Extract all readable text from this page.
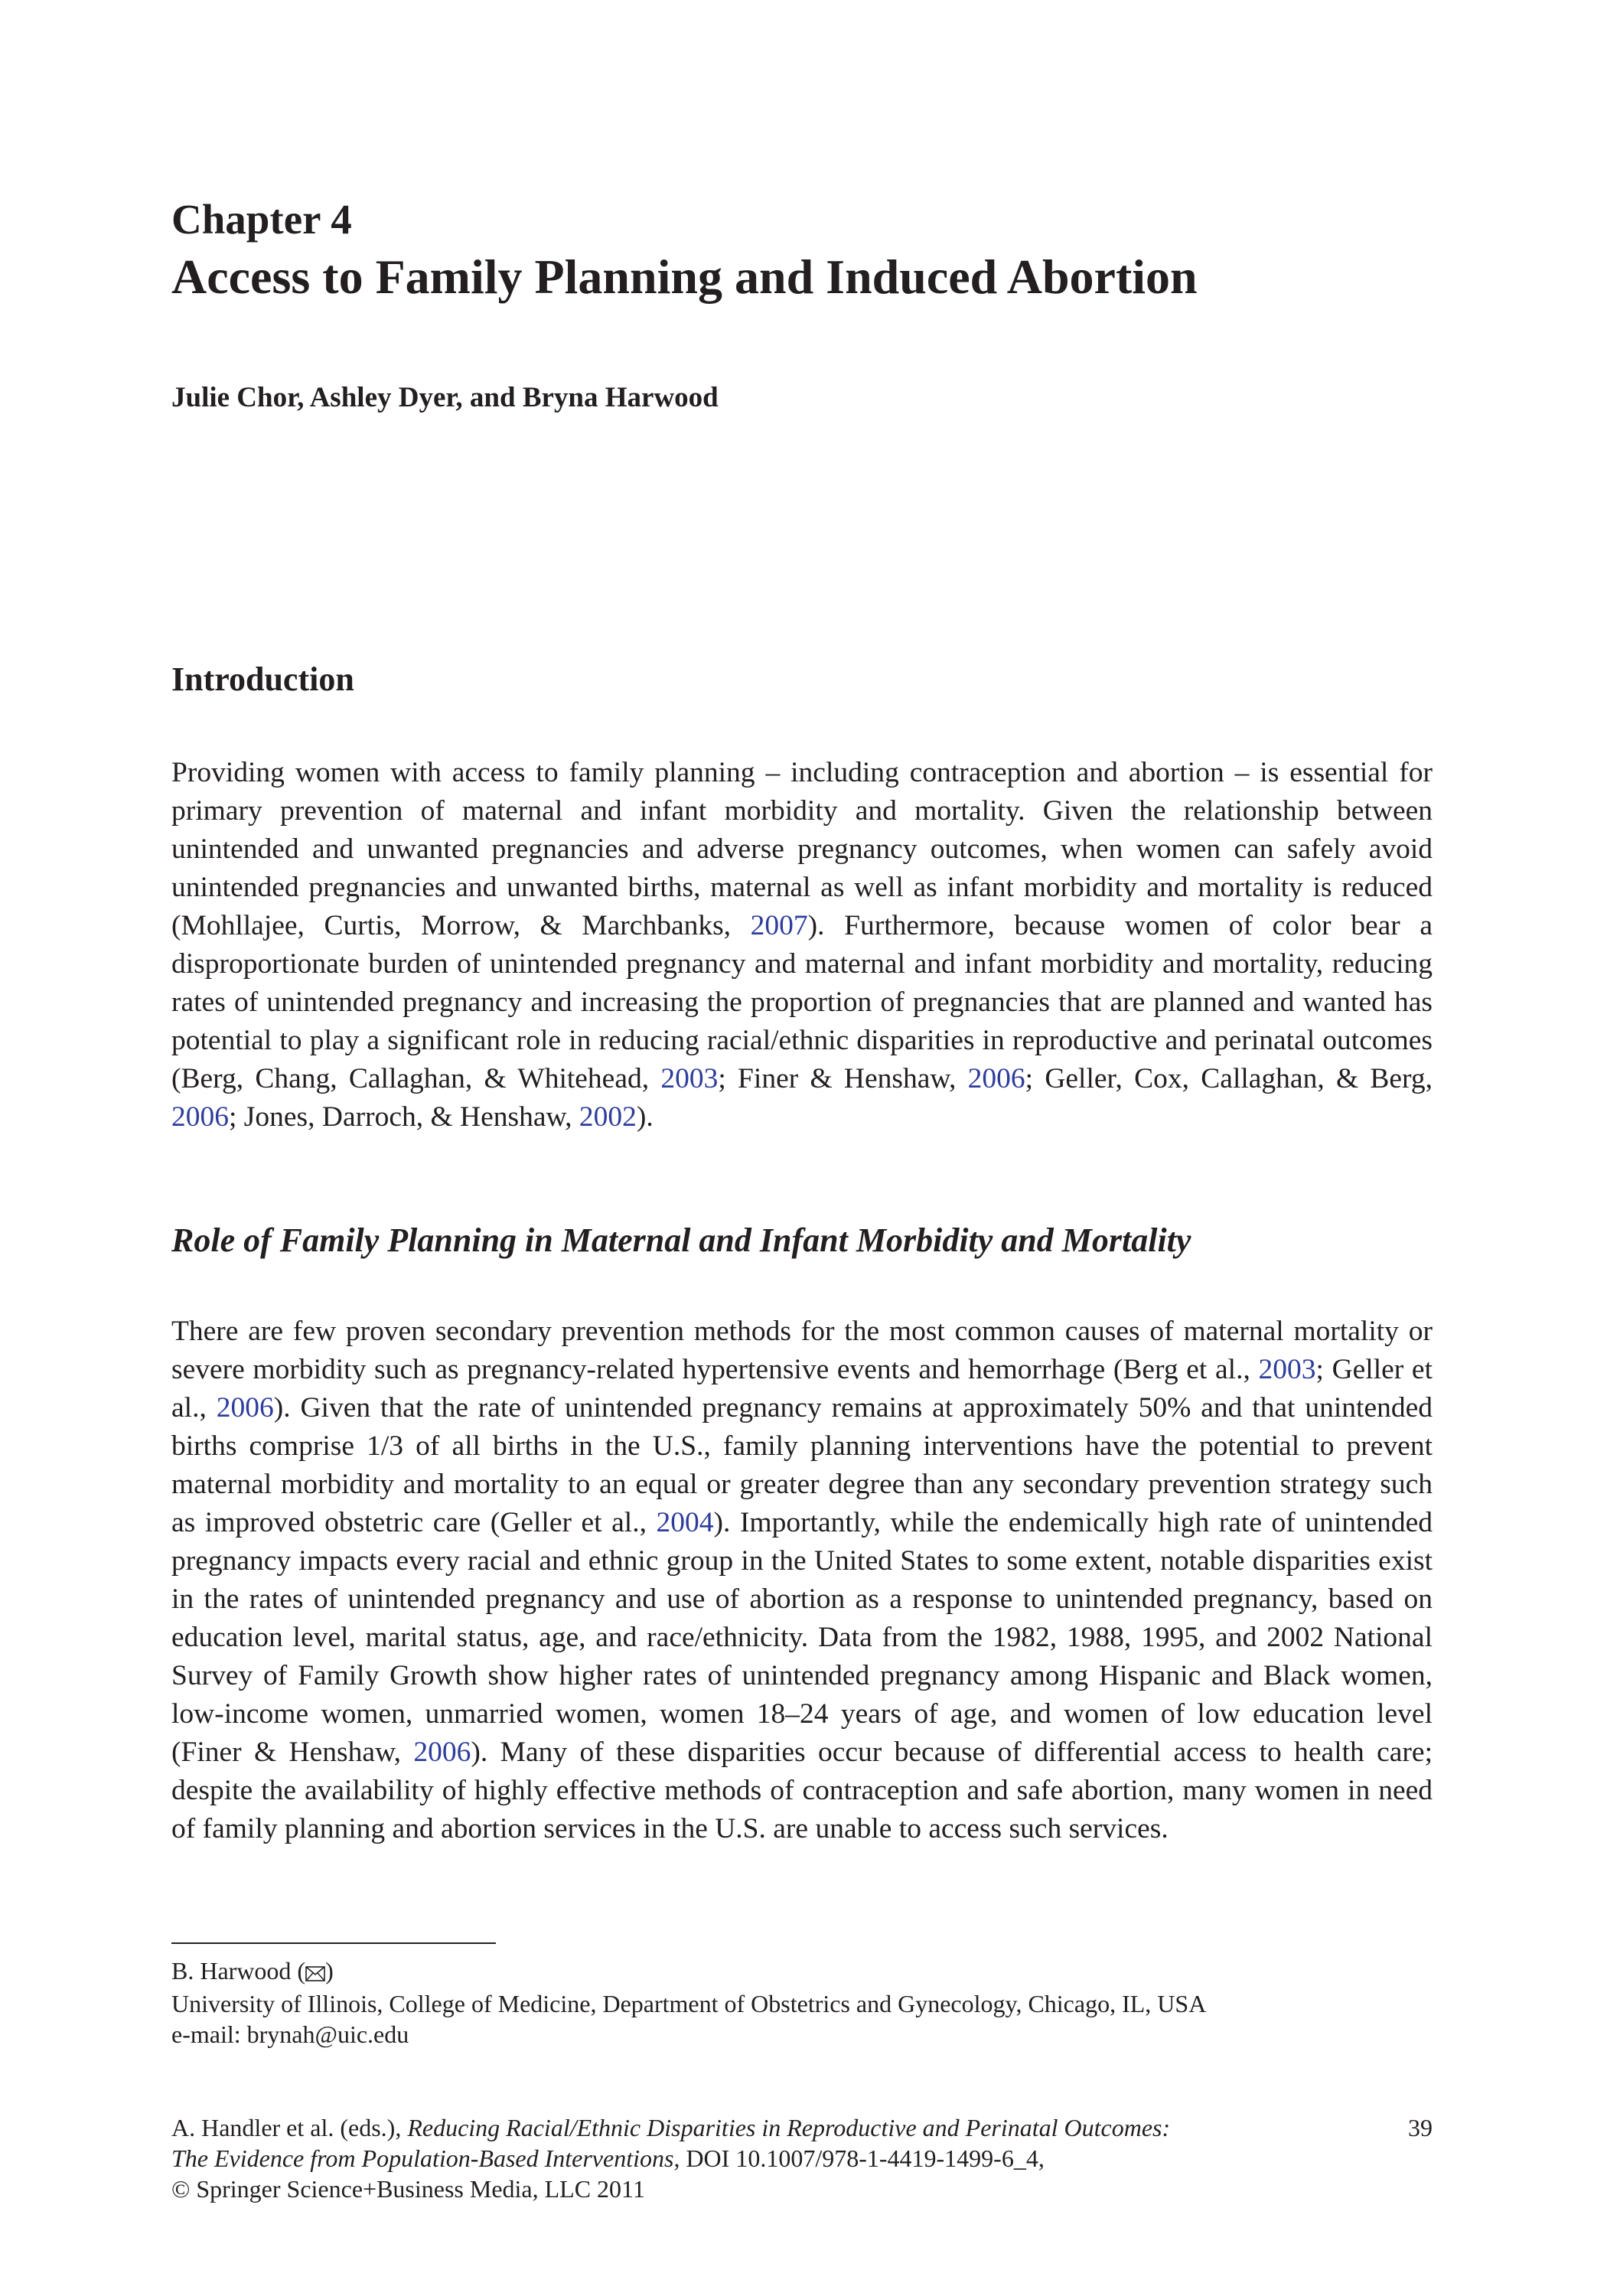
Chapter 4
Access to Family Planning and Induced Abortion

Julie Chor, Ashley Dyer, and Bryna Harwood

Introduction

Providing women with access to family planning – including contraception and abortion – is essential for primary prevention of maternal and infant morbidity and mortality. Given the relationship between unintended and unwanted pregnancies and adverse pregnancy outcomes, when women can safely avoid unintended pregnancies and unwanted births, maternal as well as infant morbidity and mortality is reduced (Mohllajee, Curtis, Morrow, & Marchbanks, 2007). Furthermore, because women of color bear a disproportionate burden of unintended pregnancy and maternal and infant morbidity and mortality, reducing rates of unintended pregnancy and increasing the proportion of pregnancies that are planned and wanted has potential to play a significant role in reducing racial/ethnic disparities in reproductive and perinatal outcomes (Berg, Chang, Callaghan, & Whitehead, 2003; Finer & Henshaw, 2006; Geller, Cox, Callaghan, & Berg, 2006; Jones, Darroch, & Henshaw, 2002).

Role of Family Planning in Maternal and Infant Morbidity and Mortality

There are few proven secondary prevention methods for the most common causes of maternal mortality or severe morbidity such as pregnancy-related hypertensive events and hemorrhage (Berg et al., 2003; Geller et al., 2006). Given that the rate of unintended pregnancy remains at approximately 50% and that unintended births comprise 1/3 of all births in the U.S., family planning interventions have the potential to prevent maternal morbidity and mortality to an equal or greater degree than any secondary prevention strategy such as improved obstetric care (Geller et al., 2004). Importantly, while the endemically high rate of unintended pregnancy impacts every racial and ethnic group in the United States to some extent, notable disparities exist in the rates of unintended pregnancy and use of abortion as a response to unintended pregnancy, based on education level, marital status, age, and race/ethnicity. Data from the 1982, 1988, 1995, and 2002 National Survey of Family Growth show higher rates of unintended pregnancy among Hispanic and Black women, low-income women, unmarried women, women 18–24 years of age, and women of low education level (Finer & Henshaw, 2006). Many of these disparities occur because of differential access to health care; despite the availability of highly effective methods of contraception and safe abortion, many women in need of family planning and abortion services in the U.S. are unable to access such services.

B. Harwood ( )
University of Illinois, College of Medicine, Department of Obstetrics and Gynecology, Chicago, IL, USA
e-mail: brynah@uic.edu
A. Handler et al. (eds.), Reducing Racial/Ethnic Disparities in Reproductive and Perinatal Outcomes:
The Evidence from Population-Based Interventions, DOI 10.1007/978-1-4419-1499-6_4,
© Springer Science+Business Media, LLC 2011

39
